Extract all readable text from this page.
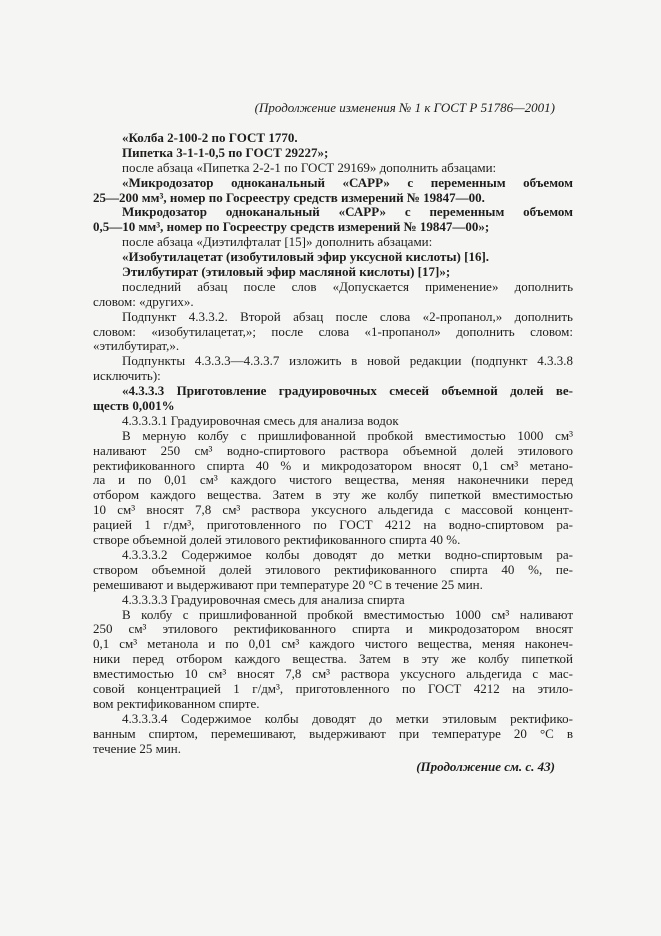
(Продолжение изменения № 1 к ГОСТ Р 51786—2001)
«Колба 2-100-2 по ГОСТ 1770.
Пипетка 3-1-1-0,5 по ГОСТ 29227»;
после абзаца «Пипетка 2-2-1 по ГОСТ 29169» дополнить абзацами:
«Микродозатор одноканальный «САРР» с переменным объемом
25—200 мм³, номер по Госреестру средств измерений № 19847—00.
Микродозатор одноканальный «САРР» с переменным объемом
0,5—10 мм³, номер по Госреестру средств измерений № 19847—00»;
после абзаца «Диэтилфталат [15]» дополнить абзацами:
«Изобутилацетат (изобутиловый эфир уксусной кислоты) [16].
Этилбутират (этиловый эфир масляной кислоты) [17]»;
последний абзац после слов «Допускается применение» дополнить
словом: «других».
Подпункт 4.3.3.2. Второй абзац после слова «2-пропанол,» дополнить
словом: «изобутилацетат,»; после слова «1-пропанол» дополнить словом:
«этилбутират,».
Подпункты 4.3.3.3—4.3.3.7 изложить в новой редакции (подпункт 4.3.3.8
исключить):
«4.3.3.3 Приготовление градуировочных смесей объемной долей ве-
ществ 0,001%
4.3.3.3.1 Градуировочная смесь для анализа водок
В мерную колбу с пришлифованной пробкой вместимостью 1000 см³
наливают 250 см³ водно-спиртового раствора объемной долей этилового
ректификованного спирта 40 % и микродозатором вносят 0,1 см³ метано-
ла и по 0,01 см³ каждого чистого вещества, меняя наконечники перед
отбором каждого вещества. Затем в эту же колбу пипеткой вместимостью
10 см³ вносят 7,8 см³ раствора уксусного альдегида с массовой концент-
рацией 1 г/дм³, приготовленного по ГОСТ 4212 на водно-спиртовом ра-
створе объемной долей этилового ректификованного спирта 40 %.
4.3.3.3.2 Содержимое колбы доводят до метки водно-спиртовым ра-
створом объемной долей этилового ректификованного спирта 40 %, пе-
ремешивают и выдерживают при температуре 20 °С в течение 25 мин.
4.3.3.3.3 Градуировочная смесь для анализа спирта
В колбу с пришлифованной пробкой вместимостью 1000 см³ наливают
250 см³ этилового ректификованного спирта и микродозатором вносят
0,1 см³ метанола и по 0,01 см³ каждого чистого вещества, меняя наконеч-
ники перед отбором каждого вещества. Затем в эту же колбу пипеткой
вместимостью 10 см³ вносят 7,8 см³ раствора уксусного альдегида с мас-
совой концентрацией 1 г/дм³, приготовленного по ГОСТ 4212 на этило-
вом ректификованном спирте.
4.3.3.3.4 Содержимое колбы доводят до метки этиловым ректифико-
ванным спиртом, перемешивают, выдерживают при температуре 20 °С в
течение 25 мин.
(Продолжение см. с. 43)
